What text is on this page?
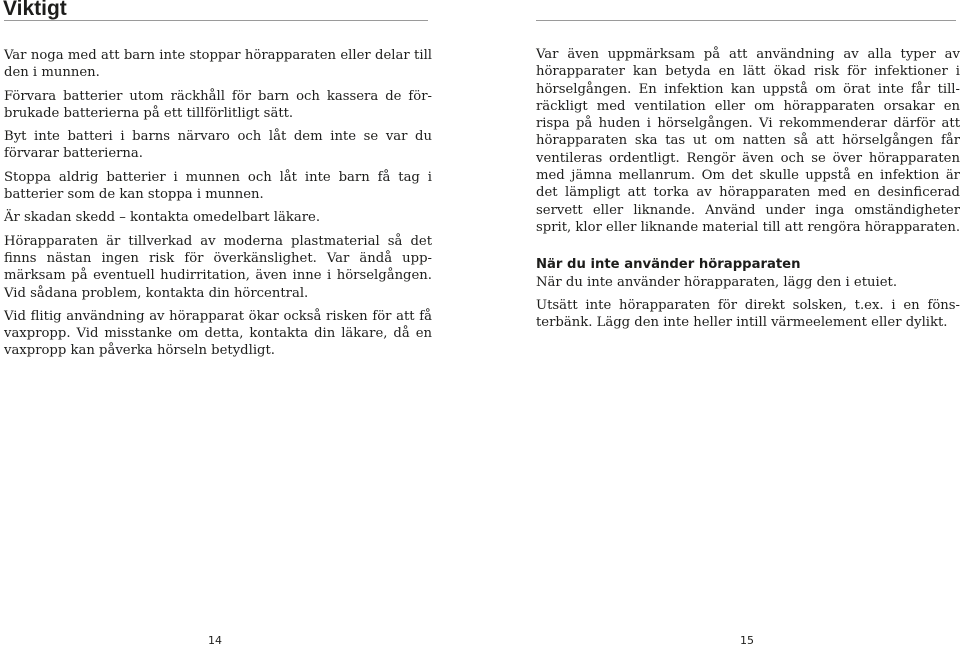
Viktigt

Var noga med att barn inte stoppar hörapparaten eller delar till den i munnen.

Förvara batterier utom räckhåll för barn och kassera de förbrukade batterierna på ett tillförlitligt sätt.

Byt inte batteri i barns närvaro och låt dem inte se var du förvarar batterierna.

Stoppa aldrig batterier i munnen och låt inte barn få tag i batterier som de kan stoppa i munnen.

Är skadan skedd – kontakta omedelbart läkare.

Hörapparaten är tillverkad av moderna plastmaterial så det finns nästan ingen risk för överkänslighet. Var ändå uppmärksam på eventuell hudirritation, även inne i hörselgången. Vid sådana problem, kontakta din hörcentral.

Vid flitig användning av hörapparat ökar också risken för att få vaxpropp. Vid misstanke om detta, kontakta din läkare, då en vaxpropp kan påverka hörseln betydligt.

14

Var även uppmärksam på att användning av alla typer av hörapparater kan betyda en lätt ökad risk för infektioner i hörselgången. En infektion kan uppstå om örat inte får tillräckligt med ventilation eller om hörapparaten orsakar en rispa på huden i hörselgången. Vi rekommenderar därför att hörapparaten ska tas ut om natten så att hörselgången får ventileras ordentligt. Rengör även och se över hörapparaten med jämna mellanrum. Om det skulle uppstå en infektion är det lämpligt att torka av hörapparaten med en desinficerad servett eller liknande. Använd under inga omständigheter sprit, klor eller liknande material till att rengöra hörapparaten.

När du inte använder hörapparaten

När du inte använder hörapparaten, lägg den i etuiet.

Utsätt inte hörapparaten för direkt solsken, t.ex. i en fönsterbänk. Lägg den inte heller intill värmeelement eller dylikt.

15
